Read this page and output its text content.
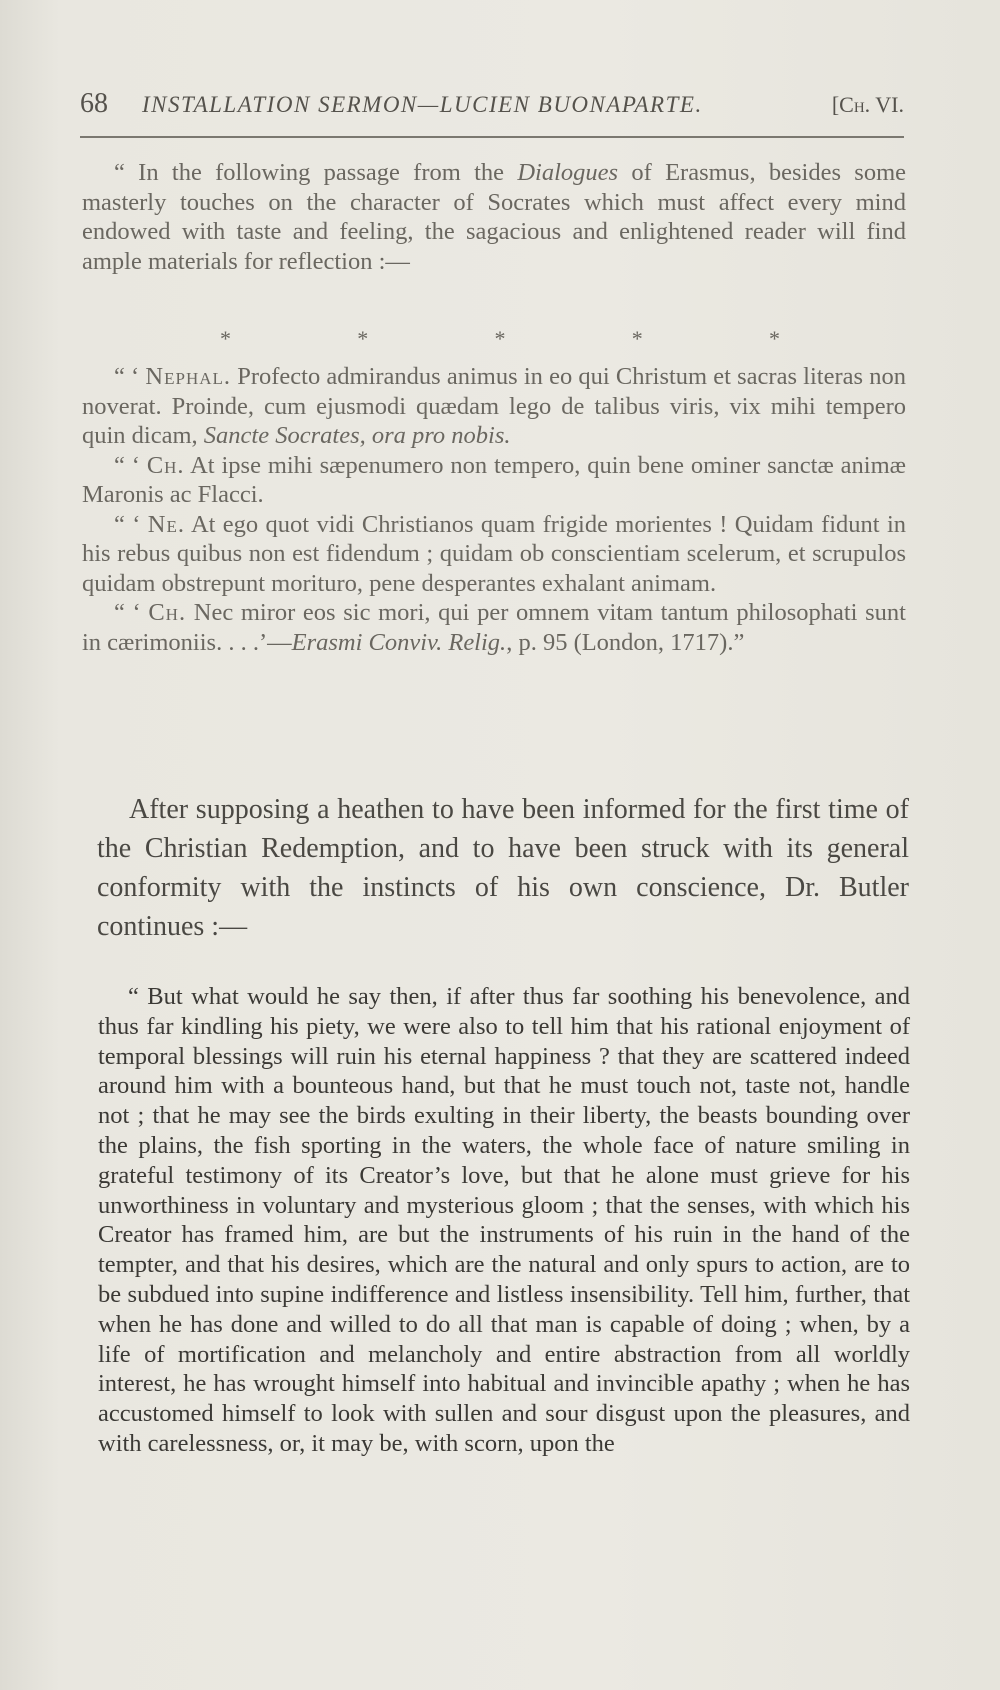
68 INSTALLATION SERMON—LUCIEN BUONAPARTE.	[Ch. VI.

“ In the following passage from the Dialogues of Erasmus, besides some masterly touches on the character of Socrates which must affect every mind endowed with taste and feeling, the sagacious and enlightened reader will find ample materials for reflection :—

*	*	*	*	*

“ ‘ Nephal. Profecto admirandus animus in eo qui Christum et sacras literas non noverat. Proinde, cum ejusmodi quædam lego de talibus viris, vix mihi tempero quin dicam, Sancte Socrates, ora pro nobis.

“ ‘ Ch. At ipse mihi sæpenumero non tempero, quin bene ominer sanctæ animæ Maronis ac Flacci.

“ ‘ Ne. At ego quot vidi Christianos quam frigide morientes ! Quidam fidunt in his rebus quibus non est fidendum ; quidam ob conscientiam scelerum, et scrupulos quidam obstrepunt morituro, pene desperantes exhalant animam.

“ ‘ Ch. Nec miror eos sic mori, qui per omnem vitam tantum philosophati sunt in cærimoniis. . . .’—Erasmi Conviv. Relig., p. 95 (London, 1717).”

After supposing a heathen to have been informed for the first time of the Christian Redemption, and to have been struck with its general conformity with the instincts of his own conscience, Dr. Butler continues :—

“ But what would he say then, if after thus far soothing his benevolence, and thus far kindling his piety, we were also to tell him that his rational enjoyment of temporal blessings will ruin his eternal happiness ? that they are scattered indeed around him with a bounteous hand, but that he must touch not, taste not, handle not ; that he may see the birds exulting in their liberty, the beasts bounding over the plains, the fish sporting in the waters, the whole face of nature smiling in grateful testimony of its Creator’s love, but that he alone must grieve for his unworthiness in voluntary and mysterious gloom ; that the senses, with which his Creator has framed him, are but the instruments of his ruin in the hand of the tempter, and that his desires, which are the natural and only spurs to action, are to be subdued into supine indifference and listless insensibility. Tell him, further, that when he has done and willed to do all that man is capable of doing ; when, by a life of mortification and melancholy and entire abstraction from all worldly interest, he has wrought himself into habitual and invincible apathy ; when he has accustomed himself to look with sullen and sour disgust upon the pleasures, and with carelessness, or, it may be, with scorn, upon the
